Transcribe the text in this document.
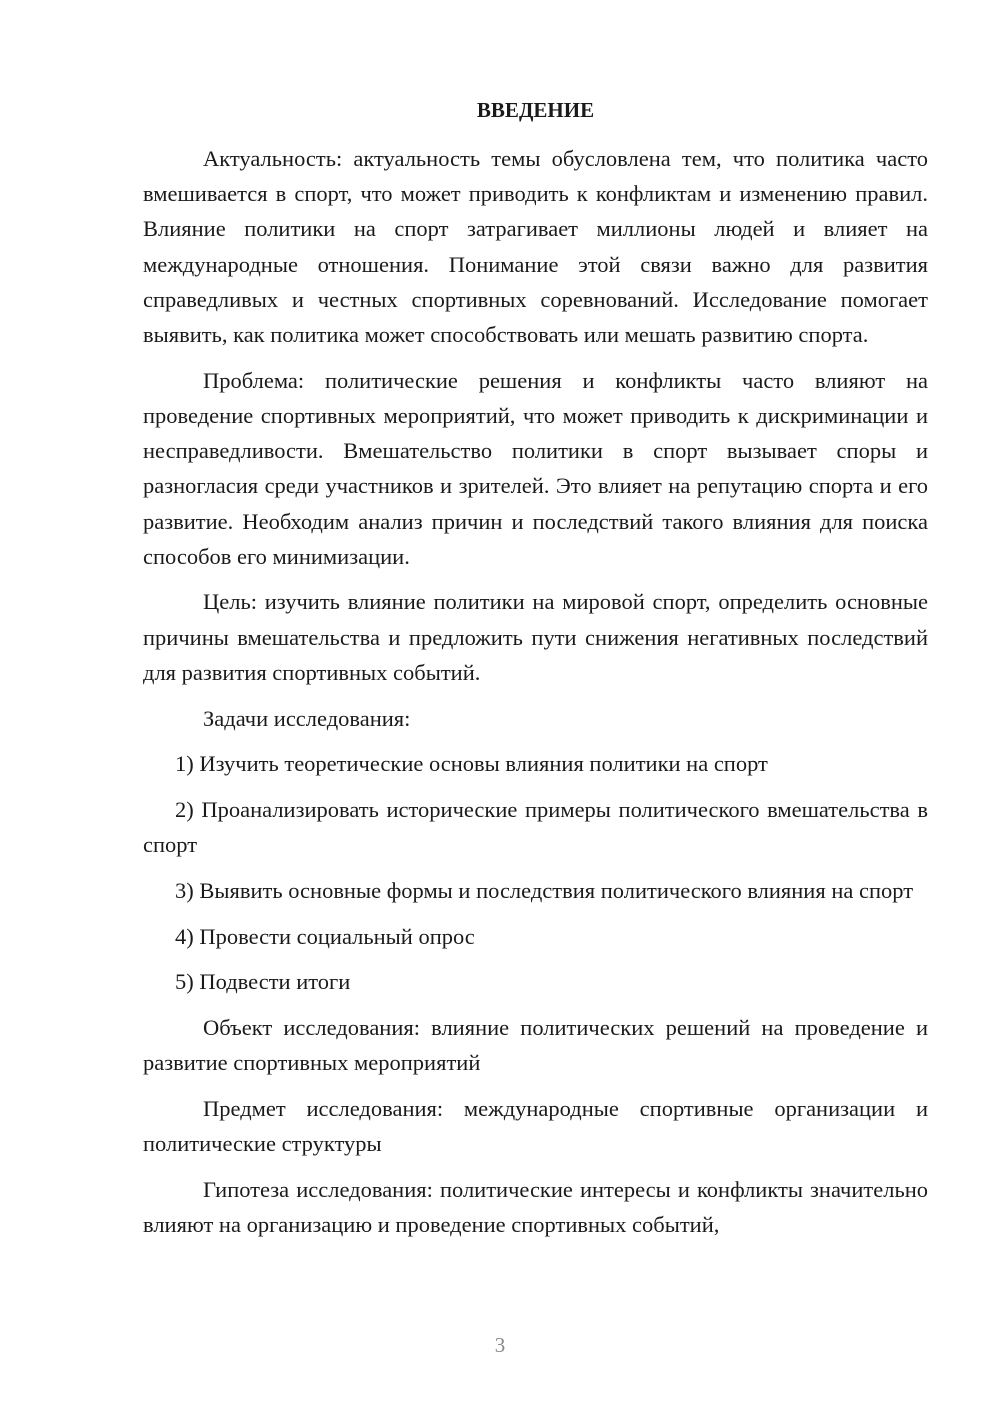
ВВЕДЕНИЕ

Актуальность: актуальность темы обусловлена тем, что политика часто вмешивается в спорт, что может приводить к конфликтам и изменению правил. Влияние политики на спорт затрагивает миллионы людей и влияет на международные отношения. Понимание этой связи важно для развития справедливых и честных спортивных соревнований. Исследование помогает выявить, как политика может способствовать или мешать развитию спорта.

Проблема: политические решения и конфликты часто влияют на проведение спортивных мероприятий, что может приводить к дискриминации и несправедливости. Вмешательство политики в спорт вызывает споры и разногласия среди участников и зрителей. Это влияет на репутацию спорта и его развитие. Необходим анализ причин и последствий такого влияния для поиска способов его минимизации.

Цель: изучить влияние политики на мировой спорт, определить основные причины вмешательства и предложить пути снижения негативных последствий для развития спортивных событий.

Задачи исследования:

1) Изучить теоретические основы влияния политики на спорт

2) Проанализировать исторические примеры политического вмешательства в спорт

3) Выявить основные формы и последствия политического влияния на спорт

4) Провести социальный опрос

5) Подвести итоги

Объект исследования: влияние политических решений на проведение и развитие спортивных мероприятий

Предмет исследования: международные спортивные организации и политические структуры

Гипотеза исследования: политические интересы и конфликты значительно влияют на организацию и проведение спортивных событий,

3
